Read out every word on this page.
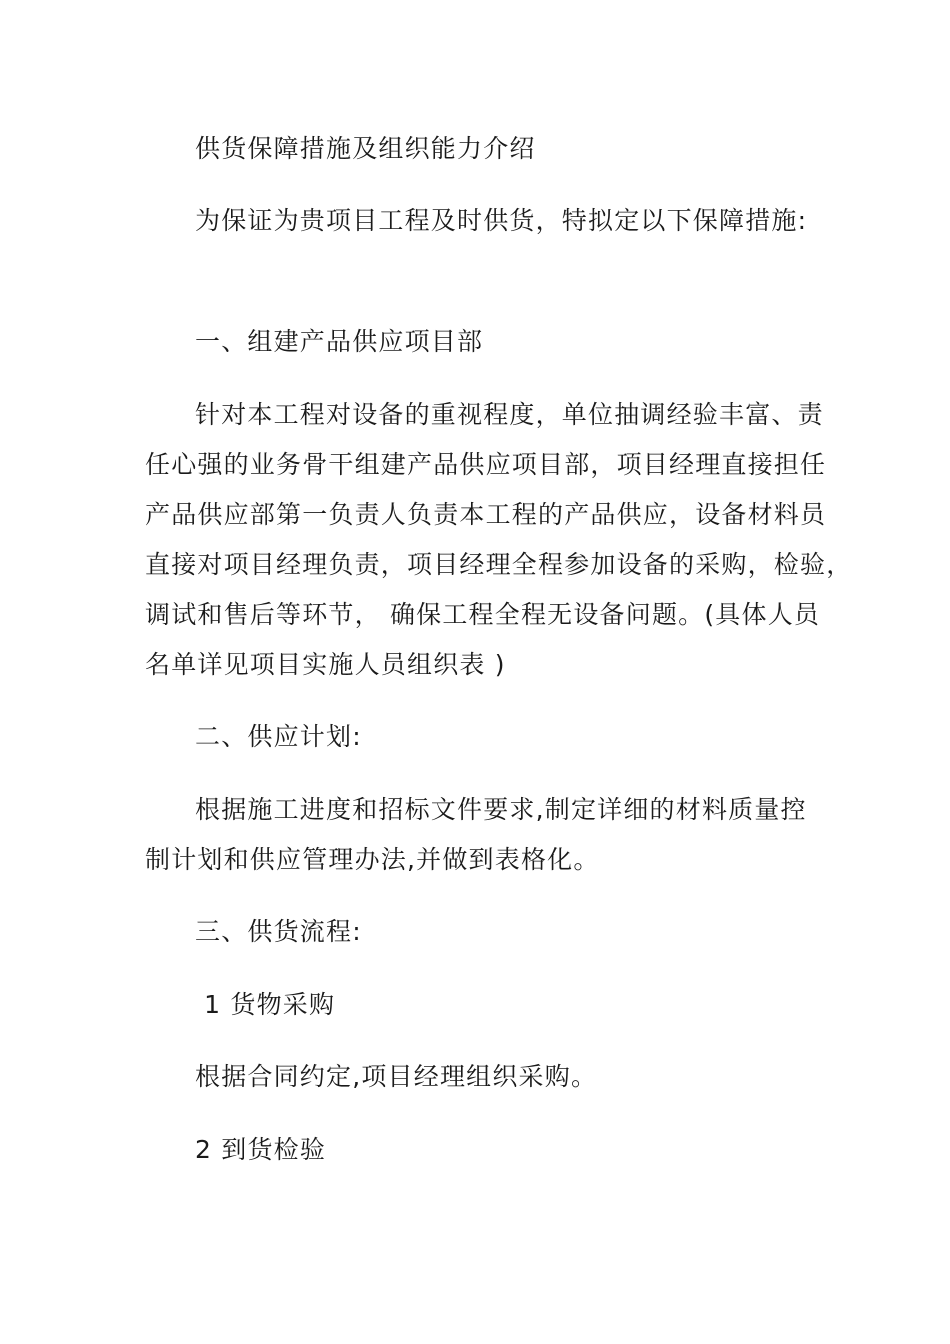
供货保障措施及组织能力介绍
为保证为贵项目工程及时供货，特拟定以下保障措施:
一、组建产品供应项目部
针对本工程对设备的重视程度，单位抽调经验丰富、责
任心强的业务骨干组建产品供应项目部，项目经理直接担任
产品供应部第一负责人负责本工程的产品供应，设备材料员
直接对项目经理负责，项目经理全程参加设备的采购，检验，
调试和售后等环节， 确保工程全程无设备问题。(具体人员
名单详见项目实施人员组织表 )
二、供应计划:
根据施工进度和招标文件要求,制定详细的材料质量控
制计划和供应管理办法,并做到表格化。
三、供货流程:
1 货物采购
根据合同约定,项目经理组织采购。
2 到货检验
